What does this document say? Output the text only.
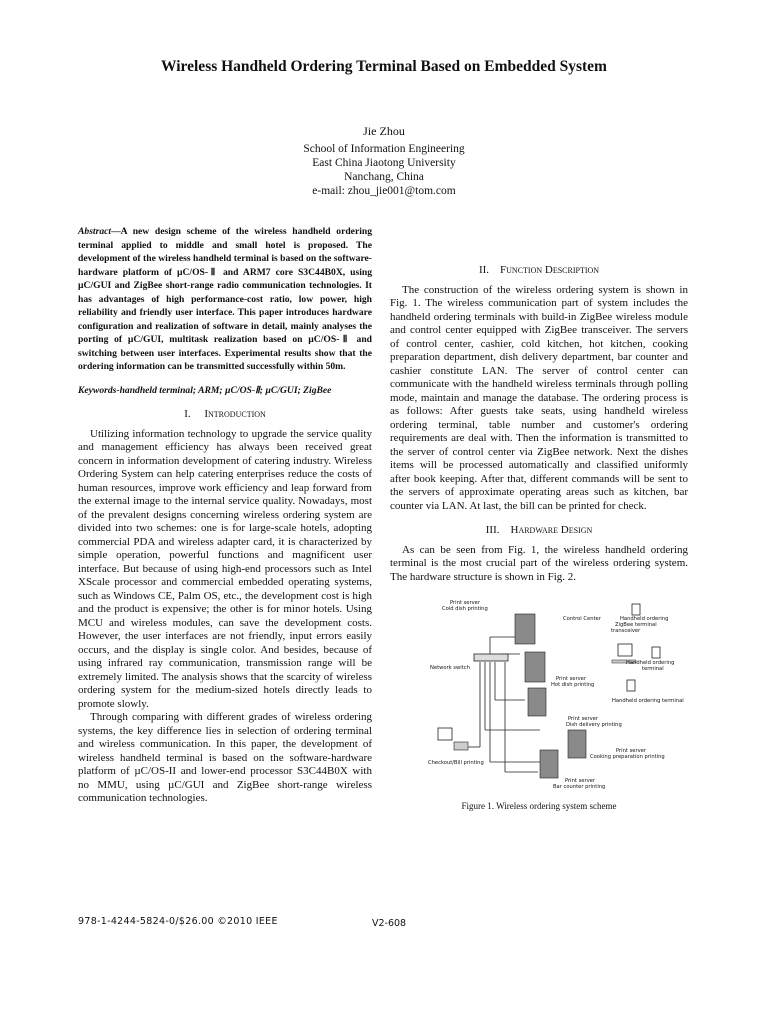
Wireless Handheld Ordering Terminal Based on Embedded System
Jie Zhou
School of Information Engineering
East China Jiaotong University
Nanchang, China
e-mail: zhou_jie001@tom.com
Abstract—A new design scheme of the wireless handheld ordering terminal applied to middle and small hotel is proposed. The development of the wireless handheld terminal is based on the software-hardware platform of µC/OS-Ⅱ and ARM7 core S3C44B0X, using µC/GUI and ZigBee short-range radio communication technologies. It has advantages of high performance-cost ratio, low power, high reliability and friendly user interface. This paper introduces hardware configuration and realization of software in detail, mainly analyses the porting of µC/GUI, multitask realization based on µC/OS-Ⅱ and switching between user interfaces. Experimental results show that the ordering information can be transmitted successfully within 50m.
Keywords-handheld terminal; ARM; µC/OS-Ⅱ; µC/GUI; ZigBee
I. Introduction

Utilizing information technology to upgrade the service quality and management efficiency has always been received great concern in information development of catering industry. Wireless Ordering System can help catering enterprises reduce the costs of human resources, improve work efficiency and leap forward from the external image to the internal service quality. Nowadays, most of the prevalent designs concerning wireless ordering system are divided into two schemes: one is for large-scale hotels, adopting commercial PDA and wireless adapter card, it is characterized by simple operation, powerful functions and magnificent user interface. But because of using high-end processors such as Intel XScale processor and commercial embedded operating systems, such as Windows CE, Palm OS, etc., the development cost is high and the product is expensive; the other is for minor hotels. Using MCU and wireless modules, can save the development costs. However, the user interfaces are not friendly, input errors easily occurs, and the display is single color. And besides, because of using infrared ray communication, transmission range will be extremely limited. The analysis shows that the scarcity of wireless ordering system for the medium-sized hotels directly leads to promote slowly.

Through comparing with different grades of wireless ordering systems, the key difference lies in selection of ordering terminal and wireless communication. In this paper, the development of wireless handheld terminal is based on the software-hardware platform of µC/OS-II and lower-end processor S3C44B0X with no MMU, using µC/GUI and ZigBee short-range wireless communication technologies.

II. Function Description

The construction of the wireless ordering system is shown in Fig. 1. The wireless communication part of system includes the handheld ordering terminals with build-in ZigBee wireless module and control center equipped with ZigBee transceiver. The servers of control center, cashier, cold kitchen, hot kitchen, cooking preparation department, dish delivery department, bar counter and cashier constitute LAN. The server of control center can communicate with the handheld wireless terminals through polling mode, maintain and manage the database. The ordering process is as follows: After guests take seats, using handheld wireless ordering terminal, table number and customer's ordering requirements are deal with. Then the information is transmitted to the server of control center via ZigBee network. Next the dishes items will be processed automatically and classified uniformly after book keeping. After that, different commands will be sent to the servers of approximate operating areas such as kitchen, bar counter via LAN. At last, the bill can be printed for check.

III. Hardware Design

As can be seen from Fig. 1, the wireless handheld ordering terminal is the most crucial part of the wireless ordering system. The hardware structure is shown in Fig. 2.

Print server
Cold dish printing
Control Center
ZigBee
transceiver
Handheld ordering
terminal
Handheld ordering
terminal
Network switch
Print server
Hot dish printing
Handheld ordering terminal
Print server
Dish delivery printing
Print server
Cooking preparation printing
Checkout/Bill printing
Print server
Bar counter printing
Figure 1. Wireless ordering system scheme
978-1-4244-5824-0/$26.00 ©2010 IEEE	V2-608
